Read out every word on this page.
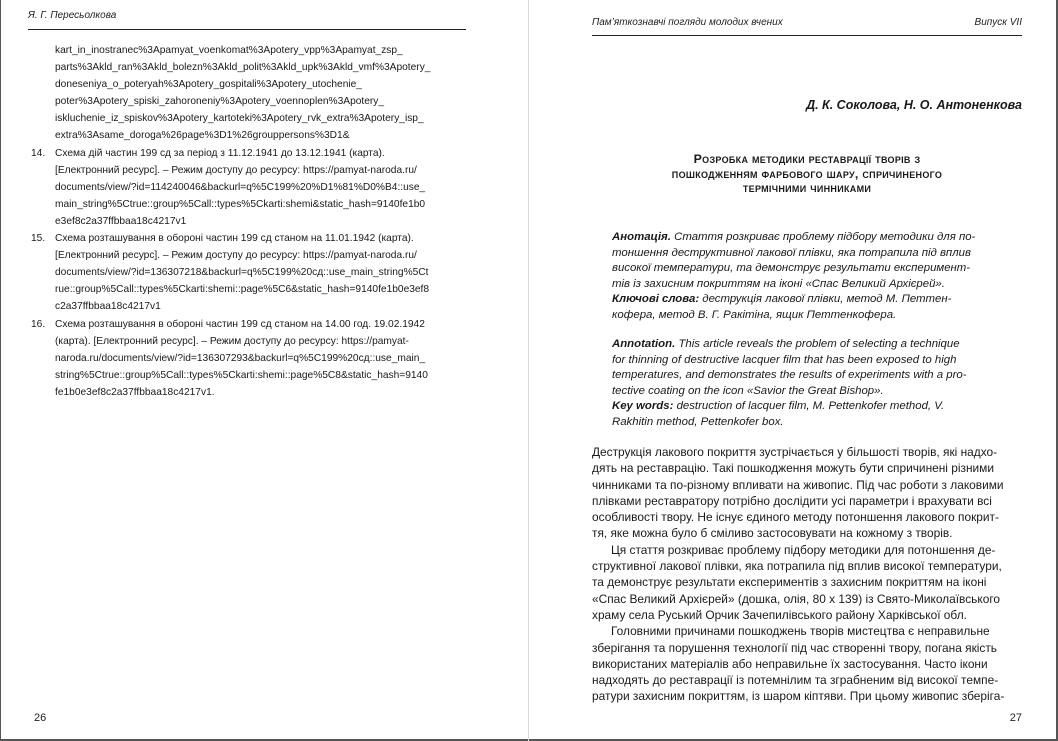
Я. Г. Пересьолкова
kart_in_inostranec%3Apamyat_voenkomat%3Apotery_vpp%3Apamyat_zsp_
parts%3Akld_ran%3Akld_bolezn%3Akld_polit%3Akld_upk%3Akld_vmf%3Apotery_
doneseniya_o_poteryah%3Apotery_gospitali%3Apotery_utochenie_
poter%3Apotery_spiski_zahoroneniy%3Apotery_voennoplen%3Apotery_
iskluchenie_iz_spiskov%3Apotery_kartoteki%3Apotery_rvk_extra%3Apotery_isp_
extra%3Asame_doroga%26page%3D1%26grouppersons%3D1&
14. Схема дій частин 199 сд за період з 11.12.1941 до 13.12.1941 (карта).
[Електронний ресурс]. – Режим доступу до ресурсу: https://pamyat-naroda.ru/
documents/view/?id=114240046&backurl=q%5C199%20%D1%81%D0%B4::use_
main_string%5Ctrue::group%5Call::types%5Ckarti:shemi&static_hash=9140fe1b0
e3ef8c2a37ffbbaa18c4217v1
15. Схема розташування в обороні частин 199 сд станом на 11.01.1942 (карта).
[Електронний ресурс]. – Режим доступу до ресурсу: https://pamyat-naroda.ru/
documents/view/?id=136307218&backurl=q%5C199%20сд::use_main_string%5Ct
rue::group%5Call::types%5Ckarti:shemi::page%5C6&static_hash=9140fe1b0e3ef8
c2a37ffbbaa18c4217v1
16. Схема розташування в обороні частин 199 сд станом на 14.00 год. 19.02.1942
(карта). [Електронний ресурс]. – Режим доступу до ресурсу: https://pamyat-
naroda.ru/documents/view/?id=136307293&backurl=q%5C199%20сд::use_main_
string%5Ctrue::group%5Call::types%5Ckarti:shemi::page%5C8&static_hash=9140
fe1b0e3ef8c2a37ffbbaa18c4217v1.
26
Пам’яткознавчі погляди молодих вчених	Випуск VII
Д. К. Соколова, Н. О. Антоненкова
Розробка методики реставрації творів з
пошкодженням фарбового шару, спричиненого
термічними чинниками
Анотація. Стаття розкриває проблему підбору методики для по-
тоншення деструктивної лакової плівки, яка потрапила під вплив
високої температури, та демонструє результати експеримент-
тів із захисним покриттям на іконі «Спас Великий Архієрей».
Ключові слова: деструкція лакової плівки, метод М. Петтен-
кофера, метод В. Г. Ракітіна, ящик Петтенкофера.
Annotation. This article reveals the problem of selecting a technique
for thinning of destructive lacquer film that has been exposed to high
temperatures, and demonstrates the results of experiments with a pro-
tective coating on the icon «Savior the Great Bishop».
Key words: destruction of lacquer film, M. Pettenkofer method, V.
Rakhitin method, Pettenkofer box.
Деструкція лакового покриття зустрічається у більшості творів, які надхо-
дять на реставрацію. Такі пошкодження можуть бути спричинені різними
чинниками та по-різному впливати на живопис. Під час роботи з лаковими
плівками реставратору потрібно дослідити усі параметри і врахувати всі
особливості твору. Не існує єдиного методу потоншення лакового покрит-
тя, яке можна було б сміливо застосовувати на кожному з творів.
Ця стаття розкриває проблему підбору методики для потоншення де-
структивної лакової плівки, яка потрапила під вплив високої температури,
та демонструє результати експериментів з захисним покриттям на іконі
«Спас Великий Архієрей» (дошка, олія, 80 x 139) із Свято-Миколаївського
храму села Руський Орчик Зачепилівського району Харківської обл.
Головними причинами пошкоджень творів мистецтва є неправильне
зберігання та порушення технології під час створенні твору, погана якість
використаних матеріалів або неправильне їх застосування. Часто ікони
надходять до реставрації із потемнілим та зграбненим від високої темпе-
ратури захисним покриттям, із шаром кіптяви. При цьому живопис зберіга-
27
